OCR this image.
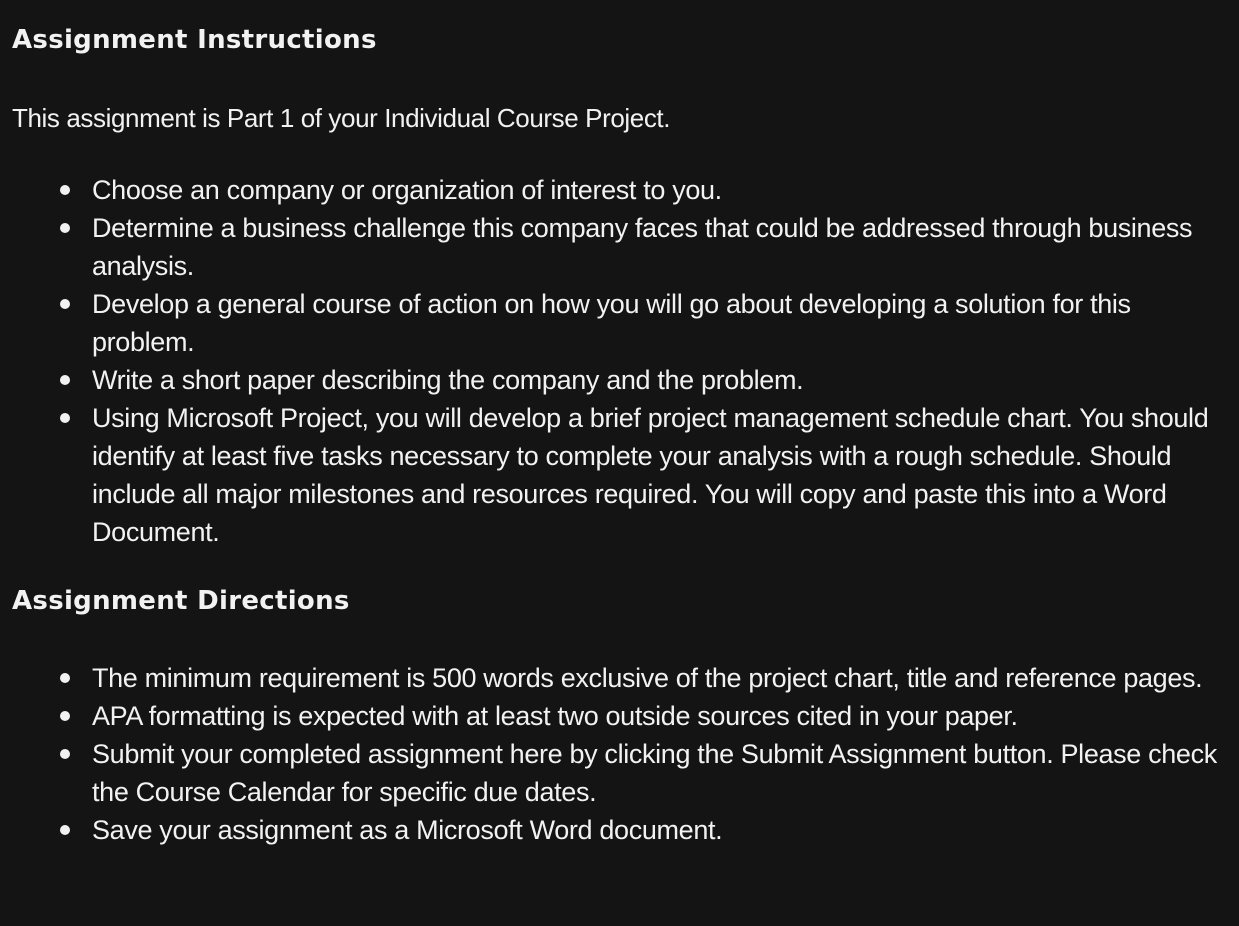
Assignment Instructions

This assignment is Part 1 of your Individual Course Project.

Choose an company or organization of interest to you.
Determine a business challenge this company faces that could be addressed through business analysis.
Develop a general course of action on how you will go about developing a solution for this problem.
Write a short paper describing the company and the problem.
Using Microsoft Project, you will develop a brief project management schedule chart. You should identify at least five tasks necessary to complete your analysis with a rough schedule. Should include all major milestones and resources required. You will copy and paste this into a Word Document.
Assignment Directions
The minimum requirement is 500 words exclusive of the project chart, title and reference pages.
APA formatting is expected with at least two outside sources cited in your paper.
Submit your completed assignment here by clicking the Submit Assignment button. Please check the Course Calendar for specific due dates.
Save your assignment as a Microsoft Word document.
